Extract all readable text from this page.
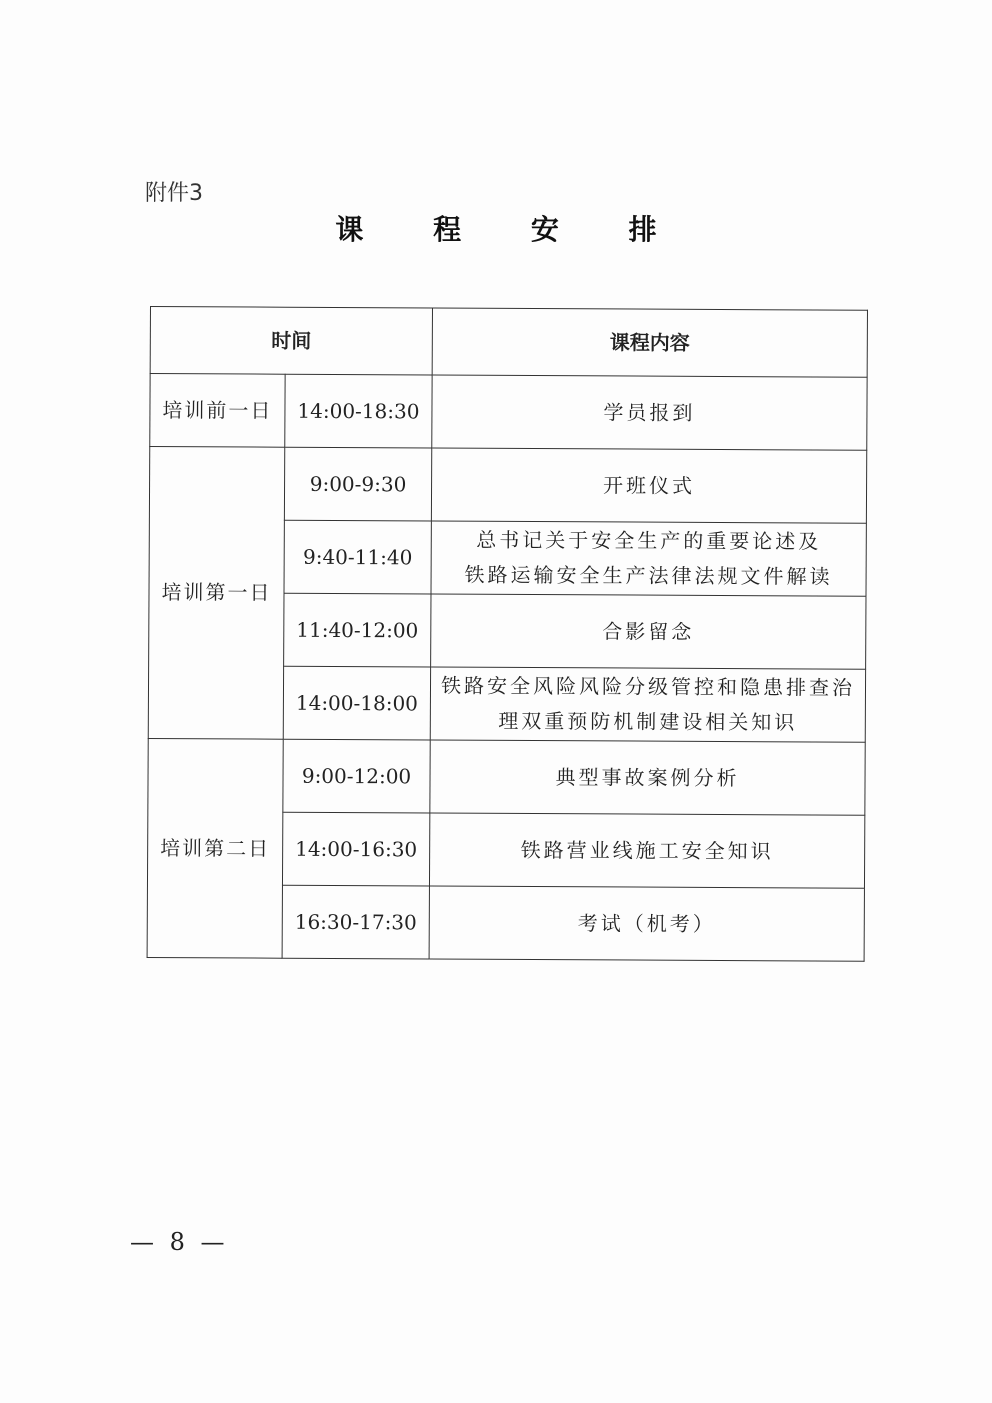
附件3
课 程 安 排
时间		课程内容
培训前一日	14:00-18:30	学员报到

培训第一日	9:00-9:30	开班仪式

	9:40-11:40	总书记关于安全生产的重要论述及
铁路运输安全生产法律法规文件解读

	11:40-12:00	合影留念

	14:00-18:00	铁路安全风险风险分级管控和隐患排查治
理双重预防机制建设相关知识

培训第二日	9:00-12:00	典型事故案例分析

	14:00-16:30	铁路营业线施工安全知识

	16:30-17:30	考试（机考）
— 8 —
